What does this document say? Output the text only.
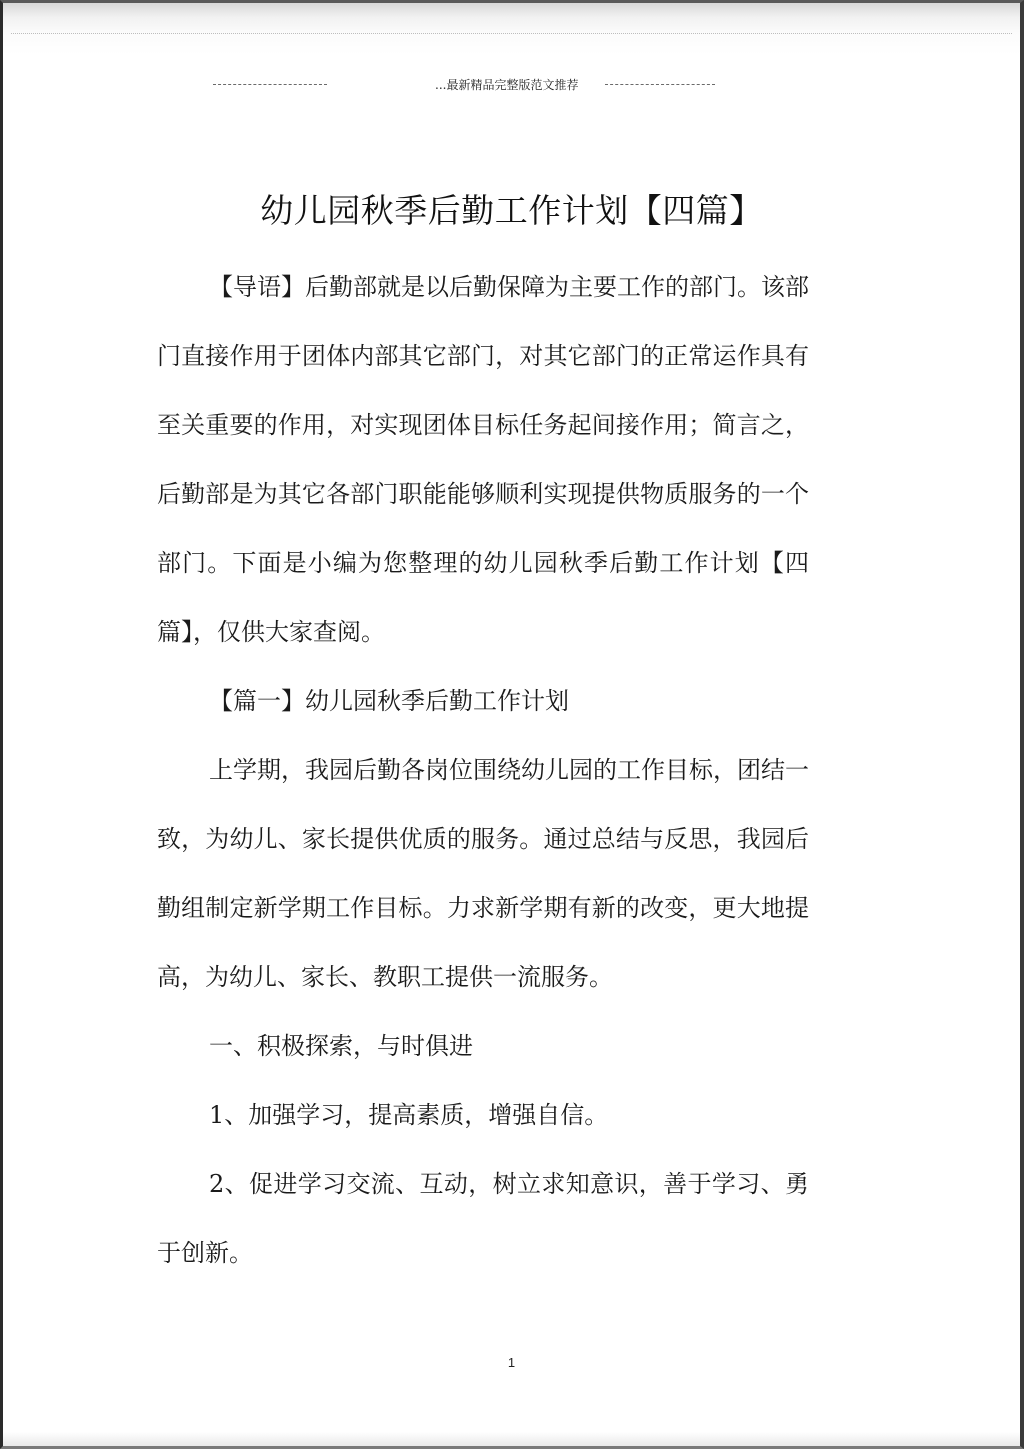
...最新精品完整版范文推荐
幼儿园秋季后勤工作计划【四篇】

【导语】后勤部就是以后勤保障为主要工作的部门。该部门直接作用于团体内部其它部门，对其它部门的正常运作具有至关重要的作用，对实现团体目标任务起间接作用；简言之，后勤部是为其它各部门职能能够顺利实现提供物质服务的一个部门。下面是小编为您整理的幼儿园秋季后勤工作计划【四篇】，仅供大家查阅。

【篇一】幼儿园秋季后勤工作计划

上学期，我园后勤各岗位围绕幼儿园的工作目标，团结一致，为幼儿、家长提供优质的服务。通过总结与反思，我园后勤组制定新学期工作目标。力求新学期有新的改变，更大地提高，为幼儿、家长、教职工提供一流服务。

一、积极探索，与时俱进

1、加强学习，提高素质，增强自信。

2、促进学习交流、互动，树立求知意识，善于学习、勇于创新。

1
